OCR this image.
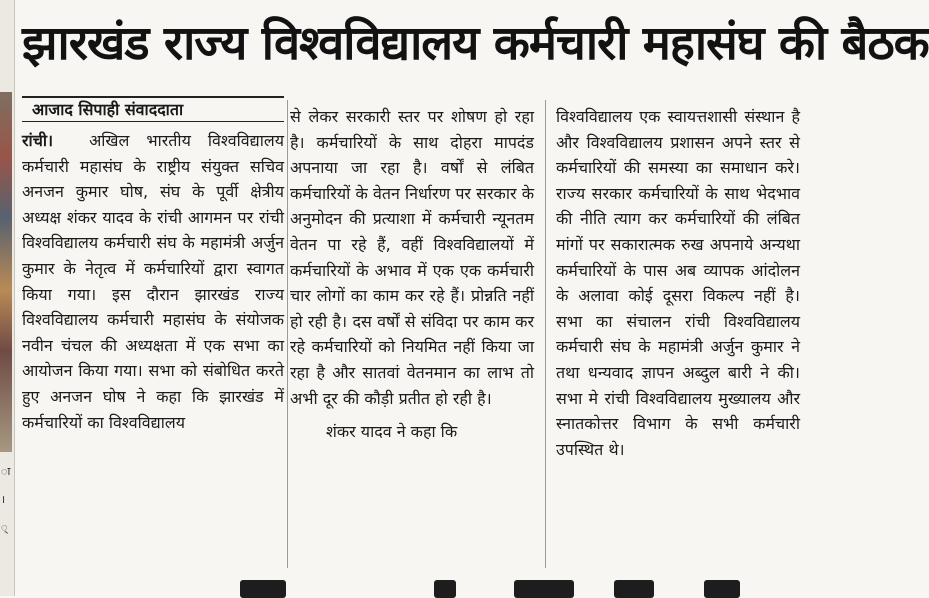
ा
।
्
झारखंड राज्य विश्वविद्यालय कर्मचारी महासंघ की बैठक
आजाद सिपाही संवाददाता

रांची। अखिल भारतीय विश्वविद्यालय कर्मचारी महासंघ के राष्ट्रीय संयुक्त सचिव अनजन कुमार घोष, संघ के पूर्वी क्षेत्रीय अध्यक्ष शंकर यादव के रांची आगमन पर रांची विश्वविद्यालय कर्मचारी संघ के महामंत्री अर्जुन कुमार के नेतृत्व में कर्मचारियों द्वारा स्वागत किया गया। इस दौरान झारखंड राज्य विश्वविद्यालय कर्मचारी महासंघ के संयोजक नवीन चंचल की अध्यक्षता में एक सभा का आयोजन किया गया। सभा को संबोधित करते हुए अनजन घोष ने कहा कि झारखंड में कर्मचारियों का विश्वविद्यालय

से लेकर सरकारी स्तर पर शोषण हो रहा है। कर्मचारियों के साथ दोहरा मापदंड अपनाया जा रहा है। वर्षों से लंबित कर्मचारियों के वेतन निर्धारण पर सरकार के अनुमोदन की प्रत्याशा में कर्मचारी न्यूनतम वेतन पा रहे हैं, वहीं विश्वविद्यालयों में कर्मचारियों के अभाव में एक एक कर्मचारी चार लोगों का काम कर रहे हैं। प्रोन्नति नहीं हो रही है। दस वर्षों से संविदा पर काम कर रहे कर्मचारियों को नियमित नहीं किया जा रहा है और सातवां वेतनमान का लाभ तो अभी दूर की कौड़ी प्रतीत हो रही है।

शंकर यादव ने कहा कि

विश्वविद्यालय एक स्वायत्तशासी संस्थान है और विश्वविद्यालय प्रशासन अपने स्तर से कर्मचारियों की समस्या का समाधान करे। राज्य सरकार कर्मचारियों के साथ भेदभाव की नीति त्याग कर कर्मचारियों की लंबित मांगों पर सकारात्मक रुख अपनाये अन्यथा कर्मचारियों के पास अब व्यापक आंदोलन के अलावा कोई दूसरा विकल्प नहीं है। सभा का संचालन रांची विश्वविद्यालय कर्मचारी संघ के महामंत्री अर्जुन कुमार ने तथा धन्यवाद ज्ञापन अब्दुल बारी ने की। सभा मे रांची विश्वविद्यालय मुख्यालय और स्नातकोत्तर विभाग के सभी कर्मचारी उपस्थित थे।
